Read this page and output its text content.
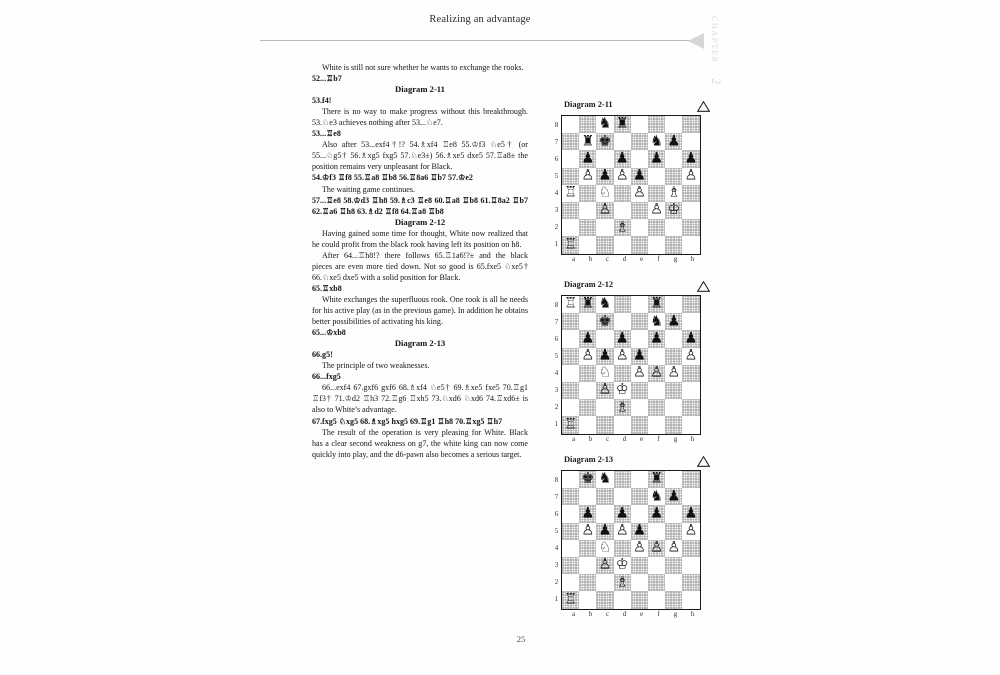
Realizing an advantage	CHAPTER
2

White is still not sure whether he wants to exchange the rooks.

52...♖b7

Diagram 2-11

53.f4!

There is no way to make progress without this breakthrough. 53.♘e3 achieves nothing after 53...♘e7.

53...♖e8

Also after 53...exf4†!? 54.♗xf4 ♖e8 55.♔f3 ♘e5† (or 55...♘g5† 56.♗xg5 fxg5 57.♘e3±) 56.♗xe5 dxe5 57.♖a8± the position remains very unpleasant for Black.

54.♔f3 ♖f8 55.♖a8 ♖b8 56.♖8a6 ♖b7 57.♔e2

The waiting game continues.

57...♖e8 58.♔d3 ♖h8 59.♗c3 ♖e8 60.♖a8 ♖b8 61.♖8a2 ♖b7 62.♖a6 ♖h8 63.♗d2 ♖f8 64.♖a8 ♖b8

Diagram 2-12

Having gained some time for thought, White now realized that he could profit from the black rook having left its position on h8.

After 64...♖h8!? there follows 65.♖1a6!?± and the black pieces are even more tied down. Not so good is 65.fxe5 ♘xe5† 66.♘xe5 dxe5 with a solid position for Black.

65.♖xb8

White exchanges the superfluous rook. One rook is all he needs for his active play (as in the previous game). In addition he obtains better possibilities of activating his king.

65...♔xb8

Diagram 2-13

66.g5!

The principle of two weaknesses.

66...fxg5

66...exf4 67.gxf6 gxf6 68.♗xf4 ♘e5† 69.♗xe5 fxe5 70.♖g1 ♖f3† 71.♔d2 ♖h3 72.♖g6 ♖xh5 73.♘xd6 ♘xd6 74.♖xd6± is also to White’s advantage.

67.fxg5 ♘xg5 68.♗xg5 hxg5 69.♖g1 ♖h8 70.♖xg5 ♖h7

The result of the operation is very pleasing for White. Black has a clear second weakness on g7, the white king can now come quickly into play, and the d6-pawn also becomes a serious target.

Diagram 2-11
8
7
6
5
4
3
2
1
♞ ♜
♜ ♚	♞ ♟
♟ ♟ ♟ ♟
♙ ♟ ♙ ♟	♙
♖ ♘ ♙ ♗
♙	♙ ♔
♗
♖
a	b	c	d	e	f	g	h
Diagram 2-12
8
7
6
5
4
3
2
1
♖ ♜ ♞	♜
♚	♞ ♟
♟ ♟ ♟ ♟
♙ ♟ ♙ ♟	♙
♘ ♙ ♙ ♙
♙ ♔
♗
♖
a	b	c	d	e	f	g	h
Diagram 2-13
8
7
6
5
4
3
2
1
♚ ♞	♜
♞ ♟
♟ ♟ ♟ ♟
♙ ♟ ♙ ♟	♙
♘ ♙ ♙ ♙
♙ ♔
♗
♖
a	b	c	d	e	f	g	h
25
